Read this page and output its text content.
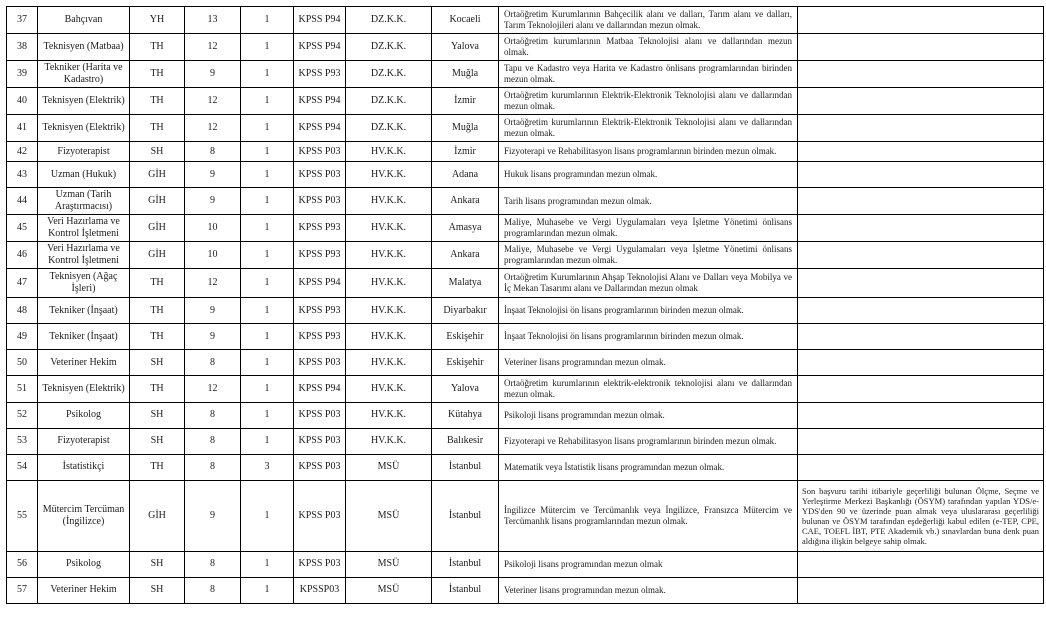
37	Bahçıvan	YH	13	1	KPSS P94	DZ.K.K.	Kocaeli	Ortaöğretim Kurumlarının Bahçecilik alanı ve dalları, Tarım alanı ve dalları, Tarım Teknolojileri alanı ve dallarından mezun olmak.	
38	Teknisyen (Matbaa)	TH	12	1	KPSS P94	DZ.K.K.	Yalova	Ortaöğretim kurumlarının Matbaa Teknolojisi alanı ve dallarından mezun olmak.	
39	Tekniker (Harita ve Kadastro)	TH	9	1	KPSS P93	DZ.K.K.	Muğla	Tapu ve Kadastro veya Harita ve Kadastro önlisans programlarından birinden mezun olmak.	
40	Teknisyen (Elektrik)	TH	12	1	KPSS P94	DZ.K.K.	İzmir	Ortaöğretim kurumlarının Elektrik-Elektronik Teknolojisi alanı ve dallarından mezun olmak.	
41	Teknisyen (Elektrik)	TH	12	1	KPSS P94	DZ.K.K.	Muğla	Ortaöğretim kurumlarının Elektrik-Elektronik Teknolojisi alanı ve dallarından mezun olmak.	
42	Fizyoterapist	SH	8	1	KPSS P03	HV.K.K.	İzmir	Fizyoterapi ve Rehabilitasyon lisans programlarının birinden mezun olmak.	
43	Uzman (Hukuk)	GİH	9	1	KPSS P03	HV.K.K.	Adana	Hukuk lisans programından mezun olmak.	
44	Uzman (Tarih Araştırmacısı)	GİH	9	1	KPSS P03	HV.K.K.	Ankara	Tarih lisans programından mezun olmak.	
45	Veri Hazırlama ve Kontrol İşletmeni	GİH	10	1	KPSS P93	HV.K.K.	Amasya	Maliye, Muhasebe ve Vergi Uygulamaları veya İşletme Yönetimi önlisans programlarından mezun olmak.	
46	Veri Hazırlama ve Kontrol İşletmeni	GİH	10	1	KPSS P93	HV.K.K.	Ankara	Maliye, Muhasebe ve Vergi Uygulamaları veya İşletme Yönetimi önlisans programlarından mezun olmak.	
47	Teknisyen (Ağaç İşleri)	TH	12	1	KPSS P94	HV.K.K.	Malatya	Ortaöğretim Kurumlarının Ahşap Teknolojisi Alanı ve Dalları veya Mobilya ve İç Mekan Tasarımı alanı ve Dallarından mezun olmak	
48	Tekniker (İnşaat)	TH	9	1	KPSS P93	HV.K.K.	Diyarbakır	İnşaat Teknolojisi ön lisans programlarının birinden mezun olmak.	
49	Tekniker (İnşaat)	TH	9	1	KPSS P93	HV.K.K.	Eskişehir	İnşaat Teknolojisi ön lisans programlarının birinden mezun olmak.	
50	Veteriner Hekim	SH	8	1	KPSS P03	HV.K.K.	Eskişehir	Veteriner lisans programından mezun olmak.	
51	Teknisyen (Elektrik)	TH	12	1	KPSS P94	HV.K.K.	Yalova	Ortaöğretim kurumlarının elektrik-elektronik teknolojisi alanı ve dallarından mezun olmak.	
52	Psikolog	SH	8	1	KPSS P03	HV.K.K.	Kütahya	Psikoloji lisans programından mezun olmak.	
53	Fizyoterapist	SH	8	1	KPSS P03	HV.K.K.	Balıkesir	Fizyoterapi ve Rehabilitasyon lisans programlarının birinden mezun olmak.	
54	İstatistikçi	TH	8	3	KPSS P03	MSÜ	İstanbul	Matematik veya İstatistik lisans programından mezun olmak.	
55	Mütercim Tercüman (İngilizce)	GİH	9	1	KPSS P03	MSÜ	İstanbul	İngilizce Mütercim ve Tercümanlık veya İngilizce, Fransızca Mütercim ve Tercümanlık lisans programlarından mezun olmak.	Son başvuru tarihi itibariyle geçerliliği bulunan Ölçme, Seçme ve Yerleştirme Merkezi Başkanlığı (ÖSYM) tarafından yapılan YDS/e-YDS'den 90 ve üzerinde puan almak veya uluslararası geçerliliği bulunan ve ÖSYM tarafından eşdeğerliği kabul edilen (e-TEP, CPE, CAE, TOEFL İBT, PTE Akademik vb.) sınavlardan buna denk puan aldığına ilişkin belgeye sahip olmak.
56	Psikolog	SH	8	1	KPSS P03	MSÜ	İstanbul	Psikoloji lisans programından mezun olmak	
57	Veteriner Hekim	SH	8	1	KPSSP03	MSÜ	İstanbul	Veteriner lisans programından mezun olmak.	
